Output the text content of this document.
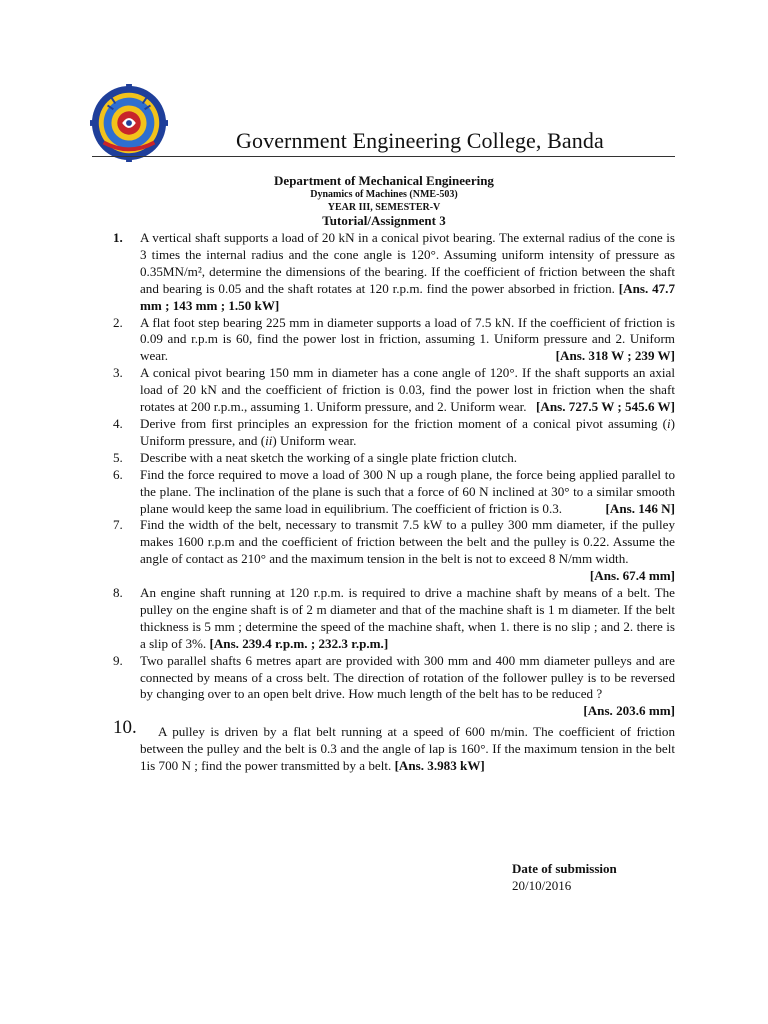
Government Engineering College, Banda
Department of Mechanical Engineering
Dynamics of Machines (NME-503)
YEAR III, SEMESTER-V
Tutorial/Assignment 3
1. A vertical shaft supports a load of 20 kN in a conical pivot bearing. The external radius of the cone is 3 times the internal radius and the cone angle is 120°. Assuming uniform intensity of pressure as 0.35MN/m², determine the dimensions of the bearing. If the coefficient of friction between the shaft and bearing is 0.05 and the shaft rotates at 120 r.p.m. find the power absorbed in friction. [Ans. 47.7 mm ; 143 mm ; 1.50 kW]
2. A flat foot step bearing 225 mm in diameter supports a load of 7.5 kN. If the coefficient of friction is 0.09 and r.p.m is 60, find the power lost in friction, assuming 1. Uniform pressure and 2. Uniform wear.	[Ans. 318 W ; 239 W]
3. A conical pivot bearing 150 mm in diameter has a cone angle of 120°. If the shaft supports an axial load of 20 kN and the coefficient of friction is 0.03, find the power lost in friction when the shaft rotates at 200 r.p.m., assuming 1. Uniform pressure, and 2. Uniform wear. [Ans. 727.5 W ; 545.6 W]
4. Derive from first principles an expression for the friction moment of a conical pivot assuming (i) Uniform pressure, and (ii) Uniform wear.
5. Describe with a neat sketch the working of a single plate friction clutch.
6. Find the force required to move a load of 300 N up a rough plane, the force being applied parallel to the plane. The inclination of the plane is such that a force of 60 N inclined at 30° to a similar smooth plane would keep the same load in equilibrium. The coefficient of friction is 0.3.	[Ans. 146 N]
7. Find the width of the belt, necessary to transmit 7.5 kW to a pulley 300 mm diameter, if the pulley makes 1600 r.p.m and the coefficient of friction between the belt and the pulley is 0.22. Assume the angle of contact as 210° and the maximum tension in the belt is not to exceed 8 N/mm width.
[Ans. 67.4 mm]
8. An engine shaft running at 120 r.p.m. is required to drive a machine shaft by means of a belt. The pulley on the engine shaft is of 2 m diameter and that of the machine shaft is 1 m diameter. If the belt thickness is 5 mm ; determine the speed of the machine shaft, when 1. there is no slip ; and 2. there is a slip of 3%. [Ans. 239.4 r.p.m. ; 232.3 r.p.m.]
9. Two parallel shafts 6 metres apart are provided with 300 mm and 400 mm diameter pulleys and are connected by means of a cross belt. The direction of rotation of the follower pulley is to be reversed by changing over to an open belt drive. How much length of the belt has to be reduced ?
[Ans. 203.6 mm]
10. A pulley is driven by a flat belt running at a speed of 600 m/min. The coefficient of friction between the pulley and the belt is 0.3 and the angle of lap is 160°. If the maximum tension in the belt 1is 700 N ; find the power transmitted by a belt. [Ans. 3.983 kW]
Date of submission
20/10/2016
